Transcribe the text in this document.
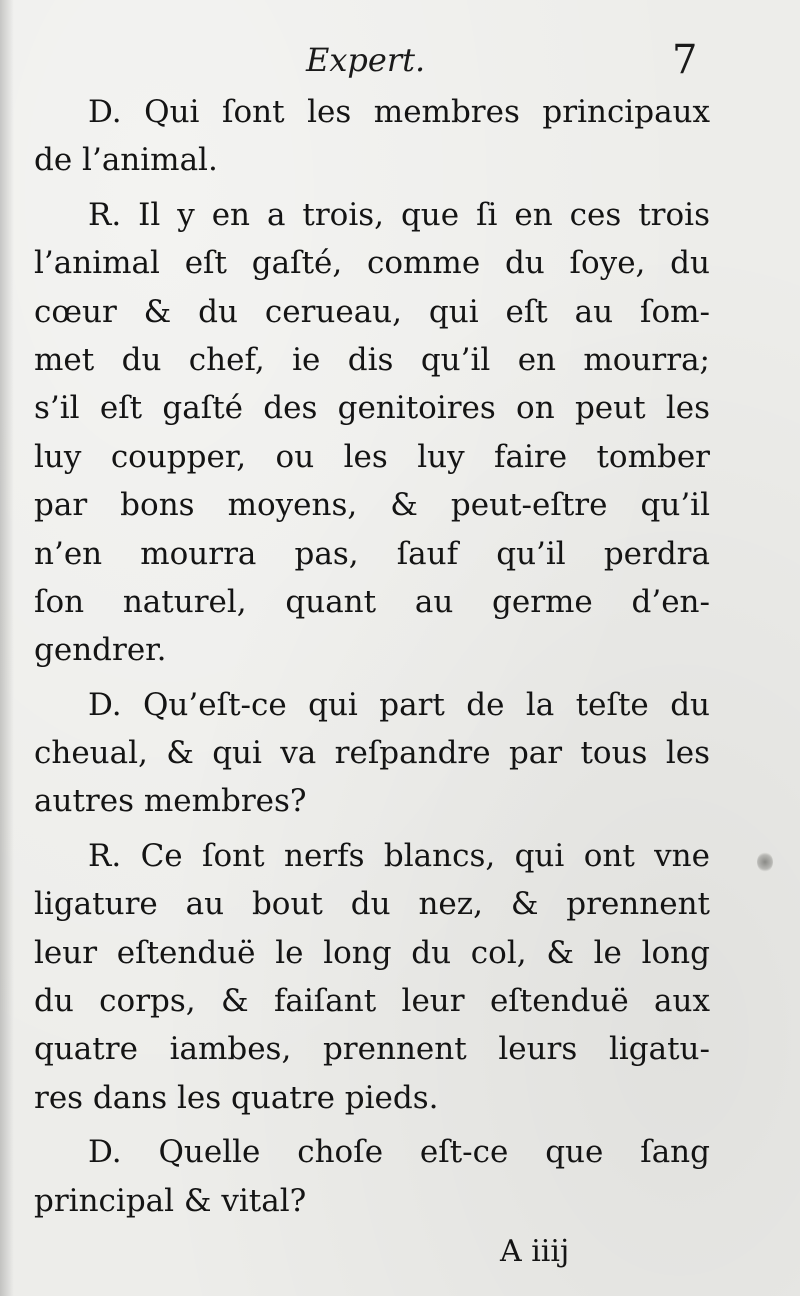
Expert.	7
D. Qui ſont les membres principaux
de l’animal.
R. Il y en a trois, que ſi en ces trois
l’animal eſt gaſté, comme du ſoye, du
cœur & du cerueau, qui eſt au ſom-
met du chef, ie dis qu’il en mourra;
s’il eſt gaſté des genitoires on peut les
luy coupper, ou les luy faire tomber
par bons moyens, & peut-eſtre qu’il
n’en mourra pas, ſauf qu’il perdra
ſon naturel, quant au germe d’en-
gendrer.
D. Qu’eſt-ce qui part de la teſte du
cheual, & qui va reſpandre par tous les
autres membres?
R. Ce ſont nerfs blancs, qui ont vne
ligature au bout du nez, & prennent
leur eſtenduë le long du col, & le long
du corps, & faiſant leur eſtenduë aux
quatre iambes, prennent leurs ligatu-
res dans les quatre pieds.
D. Quelle choſe eſt-ce que ſang
principal & vital?
A iiij
